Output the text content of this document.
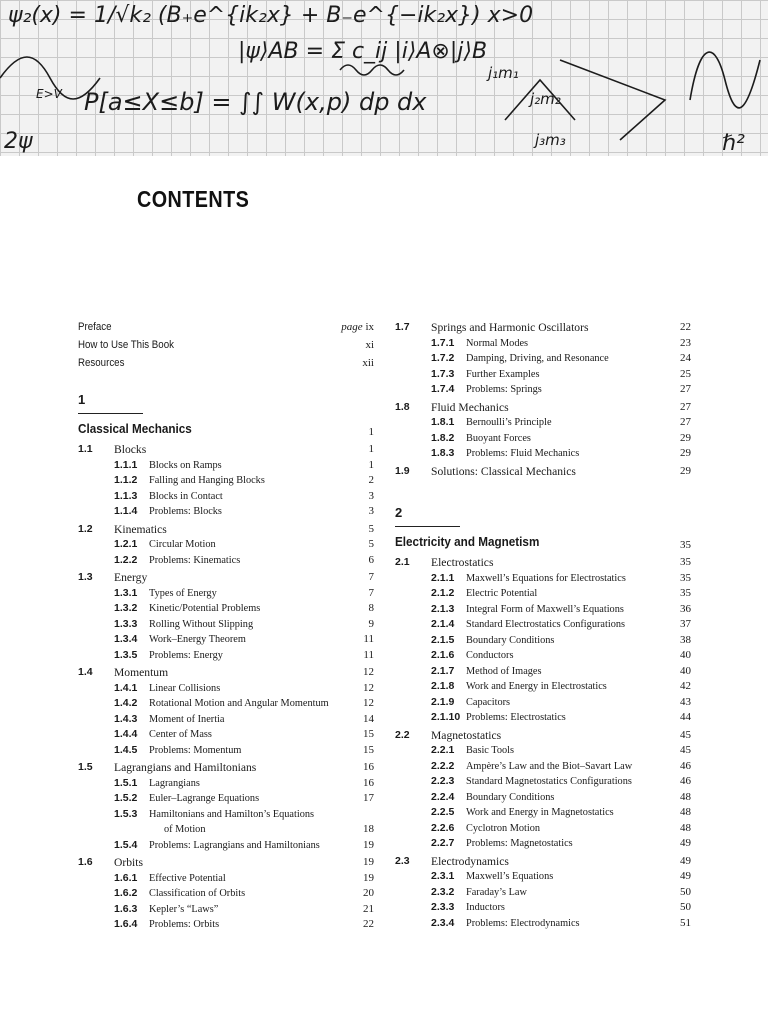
ψ₂(x) = 1/√k₂ (B₊e^{ik₂x} + B₋e^{−ik₂x}) x>0
|ψ⟩AB = Σ c_ij |i⟩A⊗|j⟩B
P[a≤X≤b] = ∫∫ W(x,p) dp dx
j₁m₁
j₂m₂
j₃m₃
E>V
2ψ	ℏ²
CONTENTS
Preface	page ix
How to Use This Book	xi
Resources	xii
1
Classical Mechanics	1
1.1 Blocks	1
1.1.1 Blocks on Ramps	1
1.1.2 Falling and Hanging Blocks	2
1.1.3 Blocks in Contact	3
1.1.4 Problems: Blocks	3
1.2 Kinematics	5
1.2.1 Circular Motion	5
1.2.2 Problems: Kinematics	6
1.3 Energy	7
1.3.1 Types of Energy	7
1.3.2 Kinetic/Potential Problems	8
1.3.3 Rolling Without Slipping	9
1.3.4 Work–Energy Theorem	11
1.3.5 Problems: Energy	11
1.4 Momentum	12
1.4.1 Linear Collisions	12
1.4.2 Rotational Motion and Angular Momentum	12
1.4.3 Moment of Inertia	14
1.4.4 Center of Mass	15
1.4.5 Problems: Momentum	15
1.5 Lagrangians and Hamiltonians	16
1.5.1 Lagrangians	16
1.5.2 Euler–Lagrange Equations	17
1.5.3 Hamiltonians and Hamilton’s Equations
of Motion	18
1.5.4 Problems: Lagrangians and Hamiltonians	19
1.6 Orbits	19
1.6.1 Effective Potential	19
1.6.2 Classification of Orbits	20
1.6.3 Kepler’s “Laws”	21
1.6.4 Problems: Orbits	22
1.7 Springs and Harmonic Oscillators	22
1.7.1 Normal Modes	23
1.7.2 Damping, Driving, and Resonance	24
1.7.3 Further Examples	25
1.7.4 Problems: Springs	27
1.8 Fluid Mechanics	27
1.8.1 Bernoulli’s Principle	27
1.8.2 Buoyant Forces	29
1.8.3 Problems: Fluid Mechanics	29
1.9 Solutions: Classical Mechanics	29
2
Electricity and Magnetism	35
2.1 Electrostatics	35
2.1.1 Maxwell’s Equations for Electrostatics	35
2.1.2 Electric Potential	35
2.1.3 Integral Form of Maxwell’s Equations	36
2.1.4 Standard Electrostatics Configurations	37
2.1.5 Boundary Conditions	38
2.1.6 Conductors	40
2.1.7 Method of Images	40
2.1.8 Work and Energy in Electrostatics	42
2.1.9 Capacitors	43
2.1.10 Problems: Electrostatics	44
2.2 Magnetostatics	45
2.2.1 Basic Tools	45
2.2.2 Ampère’s Law and the Biot–Savart Law	46
2.2.3 Standard Magnetostatics Configurations	46
2.2.4 Boundary Conditions	48
2.2.5 Work and Energy in Magnetostatics	48
2.2.6 Cyclotron Motion	48
2.2.7 Problems: Magnetostatics	49
2.3 Electrodynamics	49
2.3.1 Maxwell’s Equations	49
2.3.2 Faraday’s Law	50
2.3.3 Inductors	50
2.3.4 Problems: Electrodynamics	51
